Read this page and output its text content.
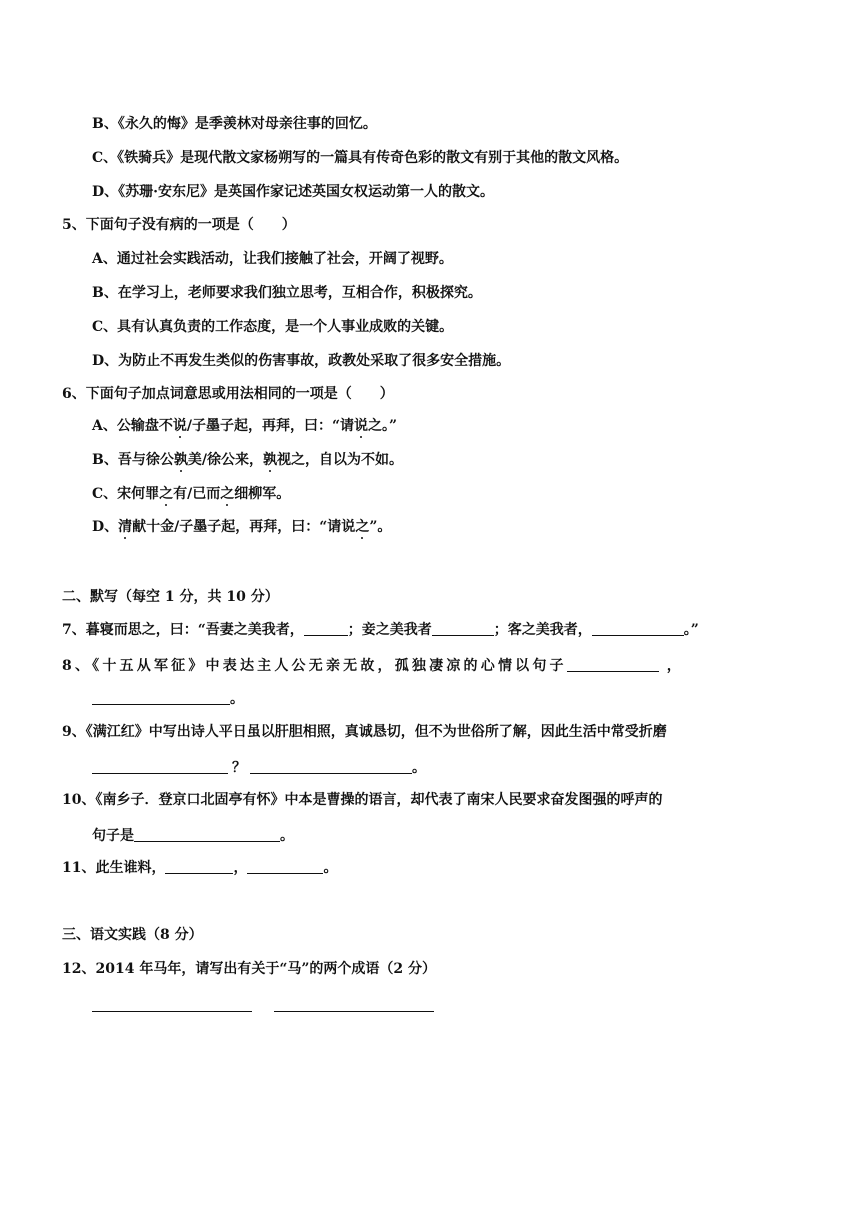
B、《永久的悔》是季羡林对母亲往事的回忆。
C、《铁骑兵》是现代散文家杨朔写的一篇具有传奇色彩的散文有别于其他的散文风格。
D、《苏珊·安东尼》是英国作家记述英国女权运动第一人的散文。
5、下面句子没有病的一项是（　　）
A、通过社会实践活动，让我们接触了社会，开阔了视野。
B、在学习上，老师要求我们独立思考，互相合作，积极探究。
C、具有认真负责的工作态度，是一个人事业成败的关键。
D、为防止不再发生类似的伤害事故，政教处采取了很多安全措施。
6、下面句子加点词意思或用法相同的一项是（　　）
A、公输盘不说/子墨子起，再拜，曰：“请说之。”
B、吾与徐公孰美/徐公来，孰视之，自以为不如。
C、宋何罪之有/已而之细柳军。
D、清献十金/子墨子起，再拜，曰：“请说之”。
二、默写（每空 1 分，共 10 分）
7、暮寝而思之，曰：“吾妻之美我者，	；妾之美我者	；客之美我者，	。”
8、《十五从军征》中表达主人公无亲无故，孤独凄凉的心情以句子	，
。
9、《满江红》中写出诗人平日虽以肝胆相照，真诚恳切，但不为世俗所了解，因此生活中常受折磨
？	。
10、《南乡子．登京口北固亭有怀》中本是曹操的语言，却代表了南宋人民要求奋发图强的呼声的
句子是	。
11、此生谁料，	，	。
三、语文实践（8 分）
12、2014 年马年，请写出有关于“马”的两个成语（2 分）
